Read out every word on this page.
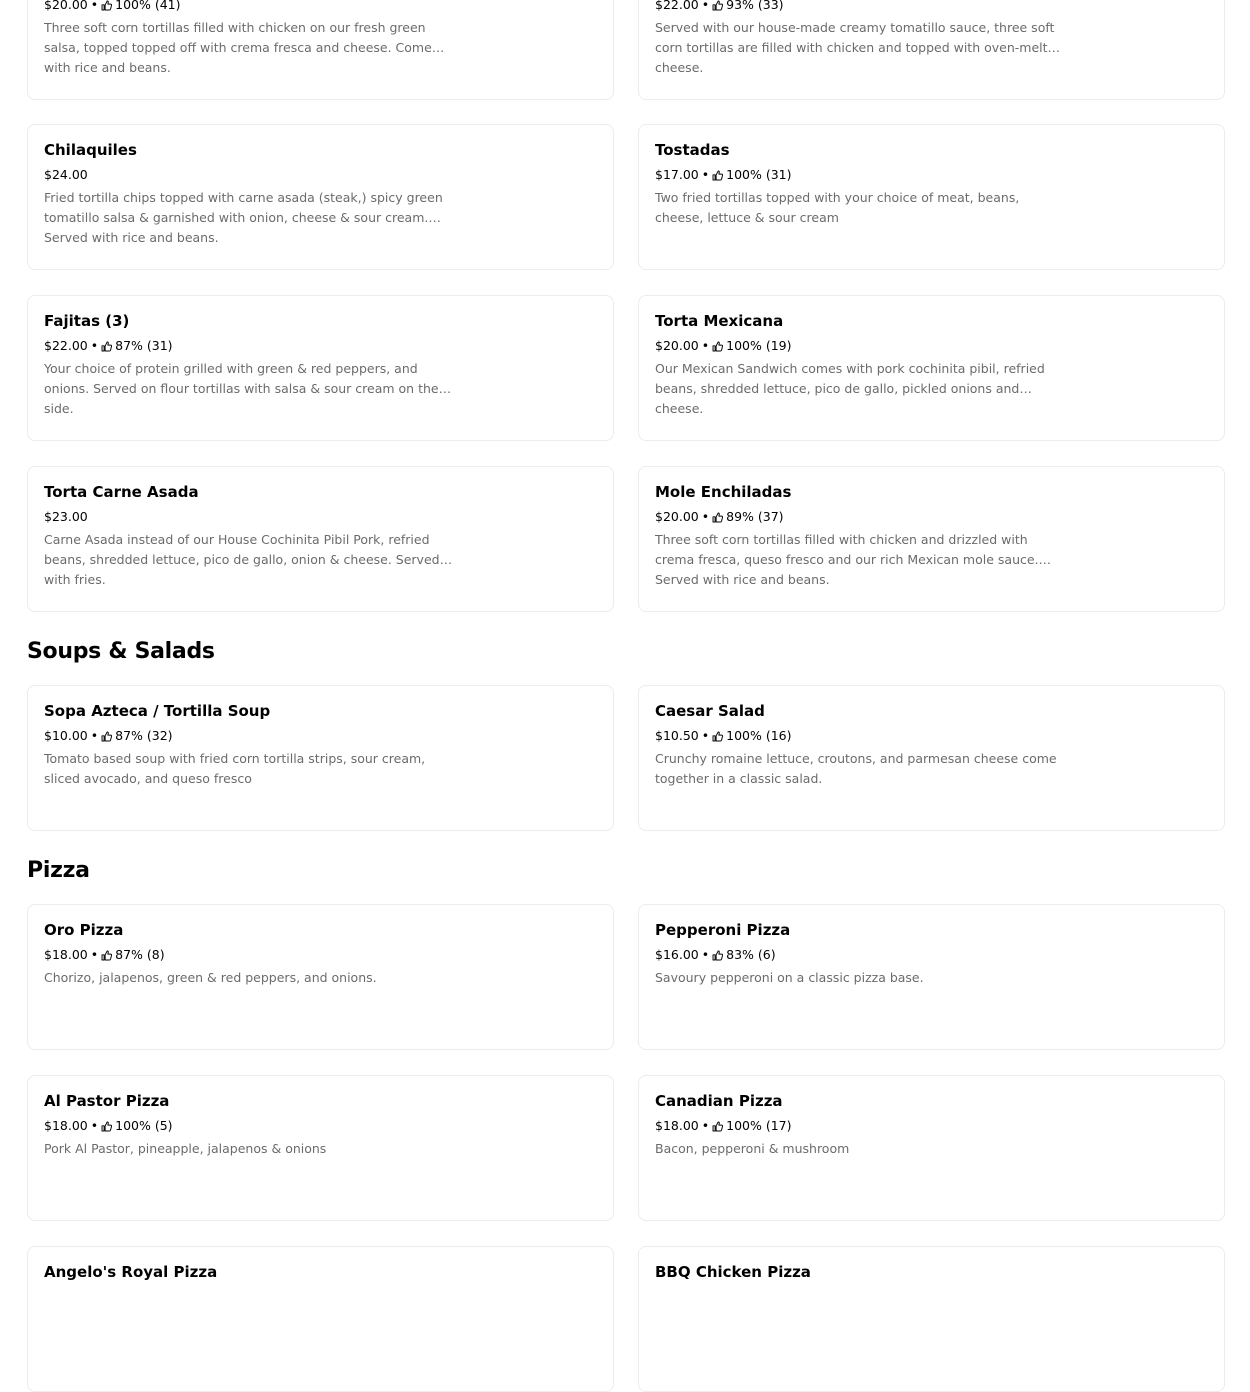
$20.00 • 100% (41)
Three soft corn tortillas filled with chicken on our fresh green salsa, topped topped off with crema fresca and cheese. Come with rice and beans.
$22.00 • 93% (33)
Served with our house-made creamy tomatillo sauce, three soft corn tortillas are filled with chicken and topped with oven-melted cheese.
Chilaquiles
$24.00
Fried tortilla chips topped with carne asada (steak,) spicy green tomatillo salsa & garnished with onion, cheese & sour cream. Served with rice and beans.
Tostadas
$17.00 • 100% (31)
Two fried tortillas topped with your choice of meat, beans, cheese, lettuce & sour cream
Fajitas (3)
$22.00 • 87% (31)
Your choice of protein grilled with green & red peppers, and onions. Served on flour tortillas with salsa & sour cream on the side.
Torta Mexicana
$20.00 • 100% (19)
Our Mexican Sandwich comes with pork cochinita pibil, refried beans, shredded lettuce, pico de gallo, pickled onions and cheese.
Torta Carne Asada
$23.00
Carne Asada instead of our House Cochinita Pibil Pork, refried beans, shredded lettuce, pico de gallo, onion & cheese. Served with fries.
Mole Enchiladas
$20.00 • 89% (37)
Three soft corn tortillas filled with chicken and drizzled with crema fresca, queso fresco and our rich Mexican mole sauce. Served with rice and beans.
Soups & Salads
Sopa Azteca / Tortilla Soup
$10.00 • 87% (32)
Tomato based soup with fried corn tortilla strips, sour cream, sliced avocado, and queso fresco
Caesar Salad
$10.50 • 100% (16)
Crunchy romaine lettuce, croutons, and parmesan cheese come together in a classic salad.
Pizza
Oro Pizza
$18.00 • 87% (8)
Chorizo, jalapenos, green & red peppers, and onions.
Pepperoni Pizza
$16.00 • 83% (6)
Savoury pepperoni on a classic pizza base.
Al Pastor Pizza
$18.00 • 100% (5)
Pork Al Pastor, pineapple, jalapenos & onions
Canadian Pizza
$18.00 • 100% (17)
Bacon, pepperoni & mushroom
Angelo's Royal Pizza	BBQ Chicken Pizza
